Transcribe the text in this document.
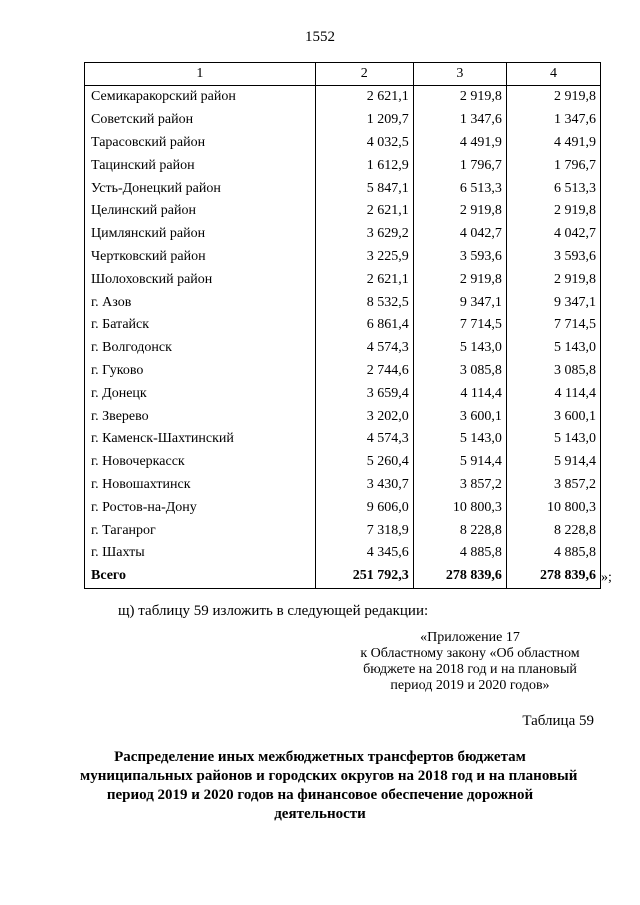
1552
1	2	3	4
Семикаракорский район	2 621,1	2 919,8	2 919,8
Советский район	1 209,7	1 347,6	1 347,6
Тарасовский район	4 032,5	4 491,9	4 491,9
Тацинский район	1 612,9	1 796,7	1 796,7
Усть-Донецкий район	5 847,1	6 513,3	6 513,3
Целинский район	2 621,1	2 919,8	2 919,8
Цимлянский район	3 629,2	4 042,7	4 042,7
Чертковский район	3 225,9	3 593,6	3 593,6
Шолоховский район	2 621,1	2 919,8	2 919,8
г. Азов	8 532,5	9 347,1	9 347,1
г. Батайск	6 861,4	7 714,5	7 714,5
г. Волгодонск	4 574,3	5 143,0	5 143,0
г. Гуково	2 744,6	3 085,8	3 085,8
г. Донецк	3 659,4	4 114,4	4 114,4
г. Зверево	3 202,0	3 600,1	3 600,1
г. Каменск-Шахтинский	4 574,3	5 143,0	5 143,0
г. Новочеркасск	5 260,4	5 914,4	5 914,4
г. Новошахтинск	3 430,7	3 857,2	3 857,2
г. Ростов-на-Дону	9 606,0	10 800,3	10 800,3
г. Таганрог	7 318,9	8 228,8	8 228,8
г. Шахты	4 345,6	4 885,8	4 885,8
Всего	251 792,3	278 839,6	278 839,6 »;
щ) таблицу 59 изложить в следующей редакции:
«Приложение 17
к Областному закону «Об областном
бюджете на 2018 год и на плановый
период 2019 и 2020 годов»
Таблица 59
Распределение иных межбюджетных трансфертов бюджетам
муниципальных районов и городских округов на 2018 год и на плановый
период 2019 и 2020 годов на финансовое обеспечение дорожной
деятельности
